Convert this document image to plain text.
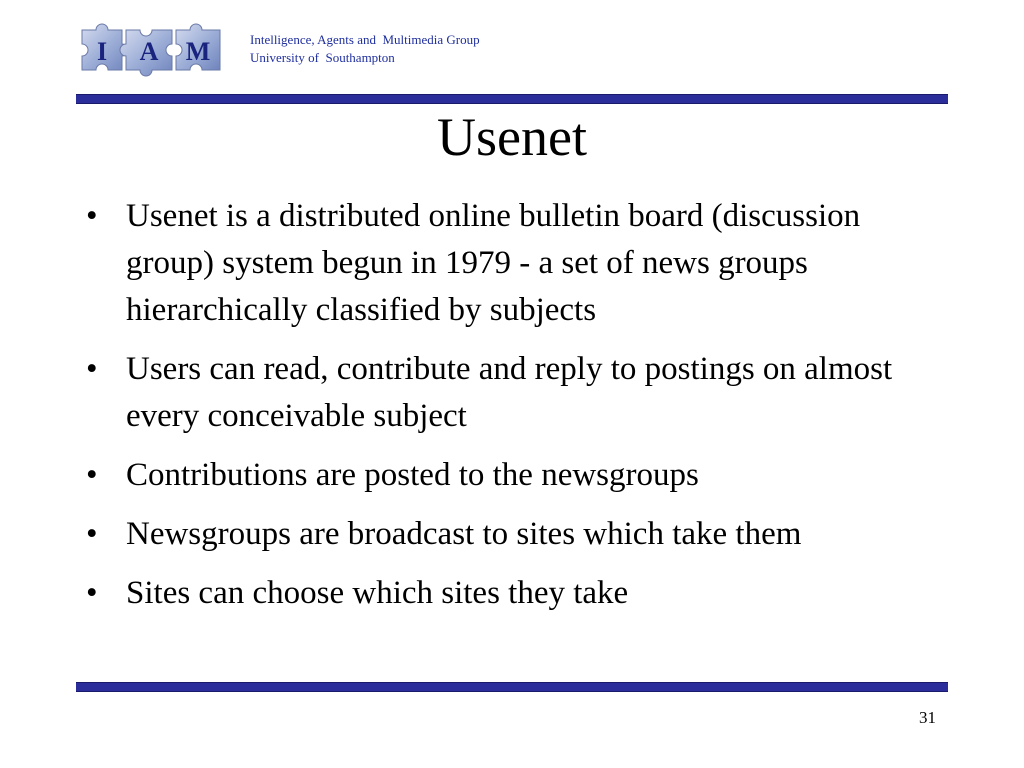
I A M	Intelligence, Agents and  Multimedia Group
University of  Southampton
Usenet
• Usenet is a distributed online bulletin board (discussion group) system begun in 1979 - a set of news groups hierarchically classified by subjects
• Users can read, contribute and reply to postings on almost every conceivable subject
• Contributions are posted to the newsgroups
• Newsgroups are broadcast to sites which take them
• Sites can choose which sites they take
31
